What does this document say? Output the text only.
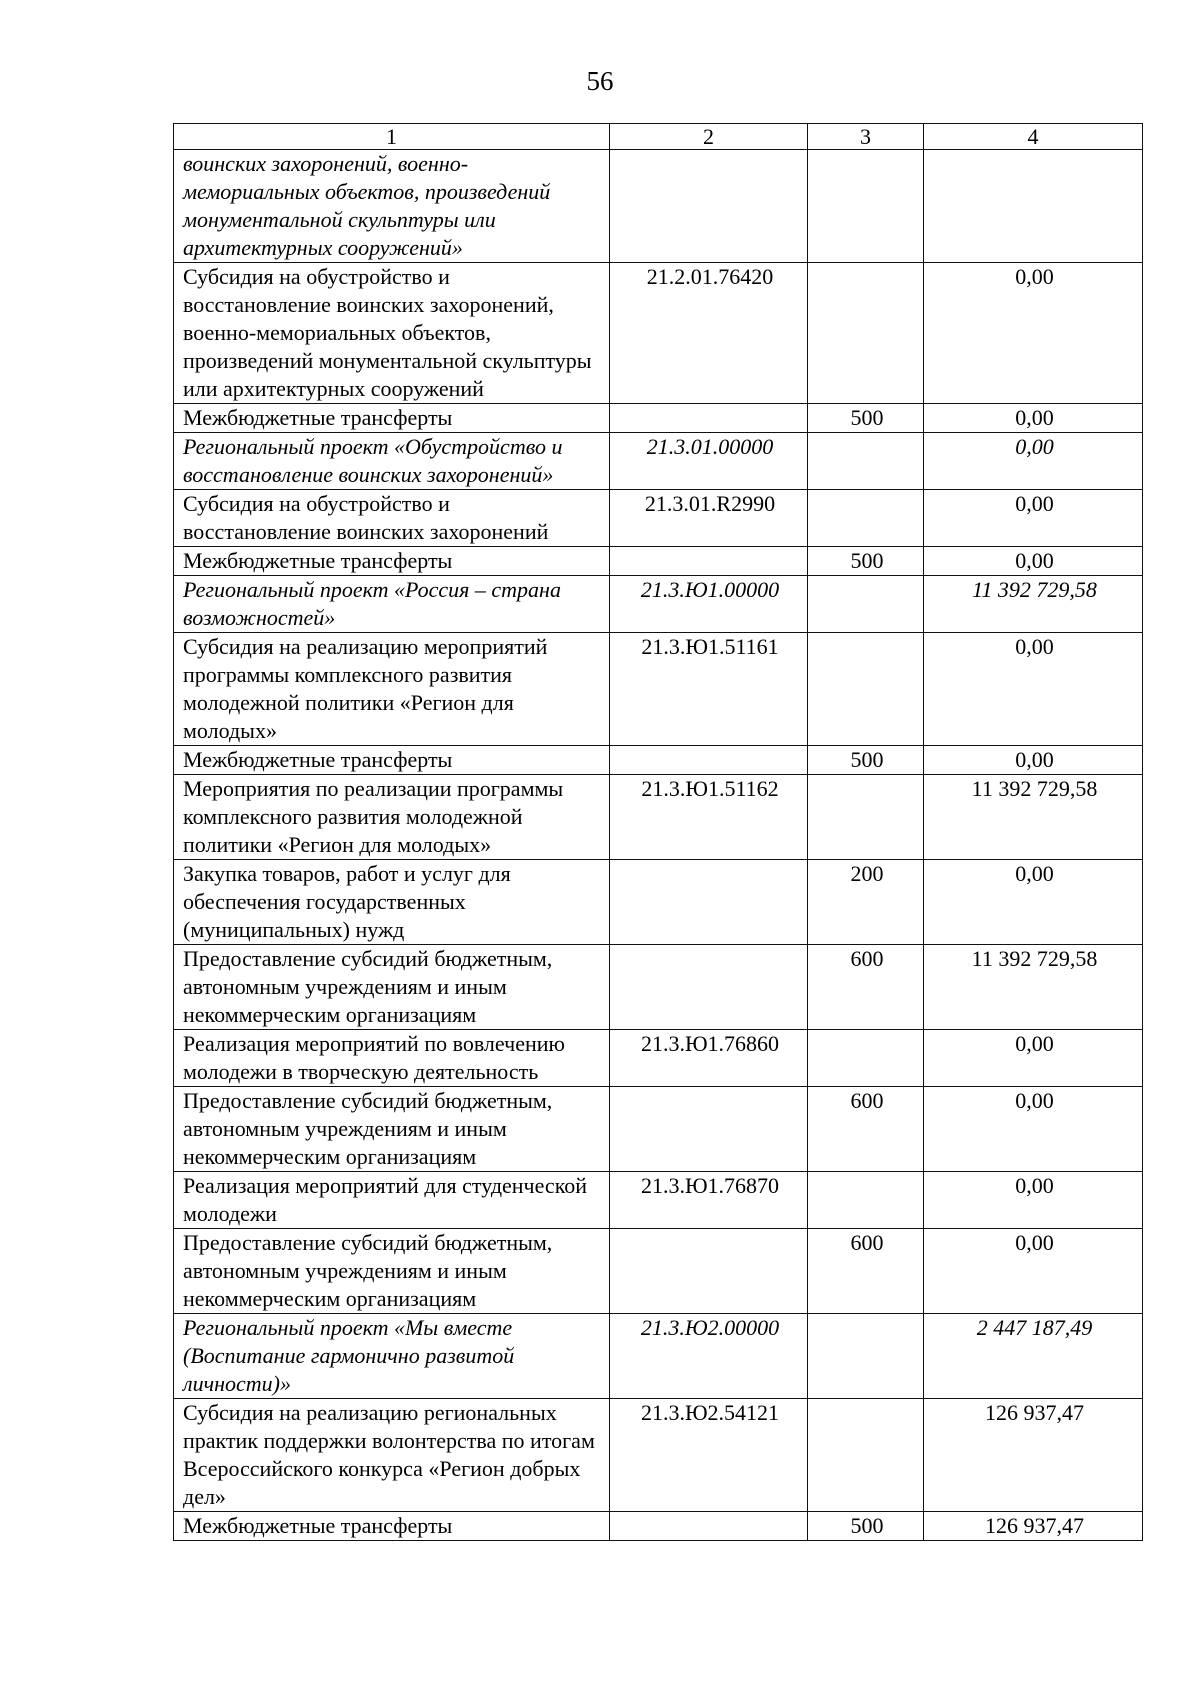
56
1	2	3	4
воинских захоронений, военно-мемориальных объектов, произведений монументальной скульптуры или архитектурных сооружений»			
Субсидия на обустройство и восстановление воинских захоронений, военно-мемориальных объектов, произведений монументальной скульптуры или архитектурных сооружений	21.2.01.76420		0,00
Межбюджетные трансферты		500	0,00
Региональный проект «Обустройство и восстановление воинских захоронений»	21.3.01.00000		0,00
Субсидия на обустройство и восстановление воинских захоронений	21.3.01.R2990		0,00
Межбюджетные трансферты		500	0,00
Региональный проект «Россия – страна возможностей»	21.3.Ю1.00000		11 392 729,58
Субсидия на реализацию мероприятий программы комплексного развития молодежной политики «Регион для молодых»	21.3.Ю1.51161		0,00
Межбюджетные трансферты		500	0,00
Мероприятия по реализации программы комплексного развития молодежной политики «Регион для молодых»	21.3.Ю1.51162		11 392 729,58
Закупка товаров, работ и услуг для обеспечения государственных (муниципальных) нужд		200	0,00
Предоставление субсидий бюджетным, автономным учреждениям и иным некоммерческим организациям		600	11 392 729,58
Реализация мероприятий по вовлечению молодежи в творческую деятельность	21.3.Ю1.76860		0,00
Предоставление субсидий бюджетным, автономным учреждениям и иным некоммерческим организациям		600	0,00
Реализация мероприятий для студенческой молодежи	21.3.Ю1.76870		0,00
Предоставление субсидий бюджетным, автономным учреждениям и иным некоммерческим организациям		600	0,00
Региональный проект «Мы вместе (Воспитание гармонично развитой личности)»	21.3.Ю2.00000		2 447 187,49
Субсидия на реализацию региональных практик поддержки волонтерства по итогам Всероссийского конкурса «Регион добрых дел»	21.3.Ю2.54121		126 937,47
Межбюджетные трансферты		500	126 937,47
